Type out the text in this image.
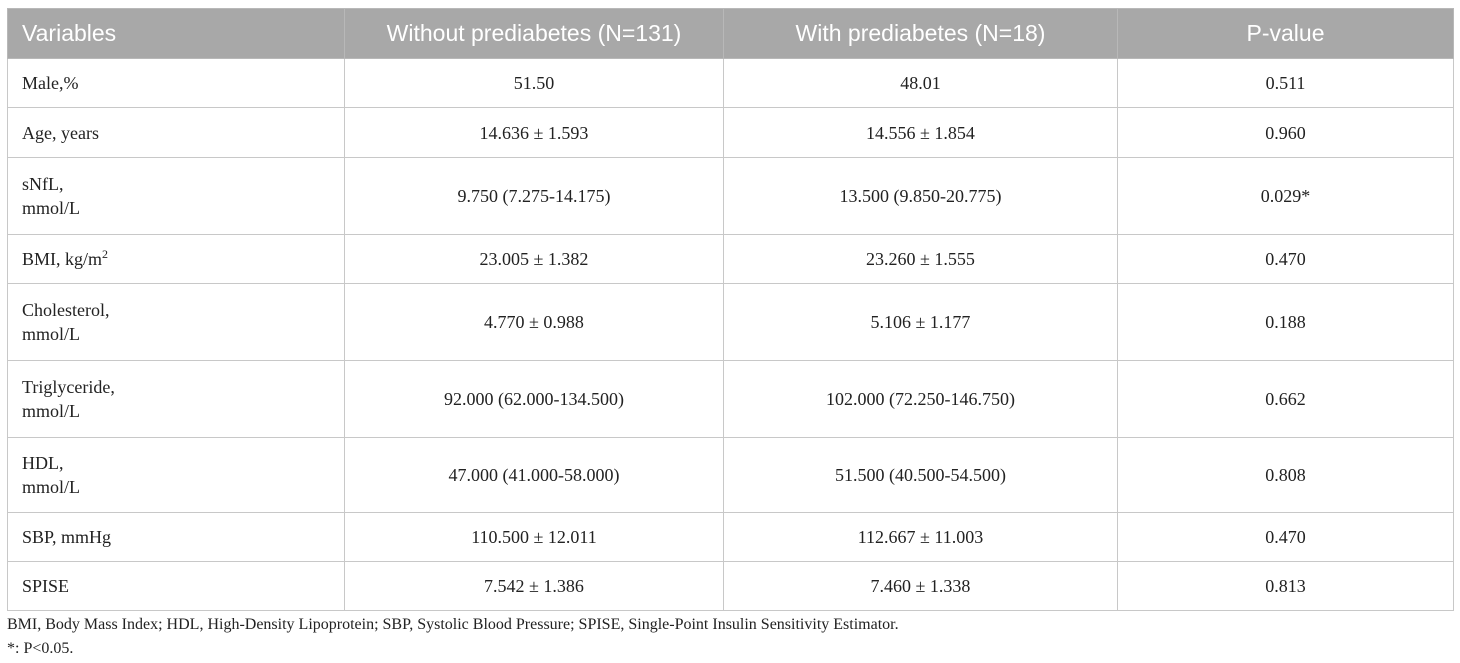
Variables	Without prediabetes (N=131)	With prediabetes (N=18)	P-value
Male,%	51.50	48.01	0.511
Age, years	14.636 ± 1.593	14.556 ± 1.854	0.960
sNfL,
mmol/L	9.750 (7.275-14.175)	13.500 (9.850-20.775)	0.029*
BMI, $kg/m^2$	23.005 ± 1.382	23.260 ± 1.555	0.470
Cholesterol,
mmol/L	4.770 ± 0.988	5.106 ± 1.177	0.188
Triglyceride,
mmol/L	92.000 (62.000-134.500)	102.000 (72.250-146.750)	0.662
HDL,
mmol/L	47.000 (41.000-58.000)	51.500 (40.500-54.500)	0.808
SBP, mmHg	110.500 ± 12.011	112.667 ± 11.003	0.470
SPISE	7.542 ± 1.386	7.460 ± 1.338	0.813
BMI, Body Mass Index; HDL, High-Density Lipoprotein; SBP, Systolic Blood Pressure; SPISE, Single-Point Insulin Sensitivity Estimator.
*: P<0.05.
